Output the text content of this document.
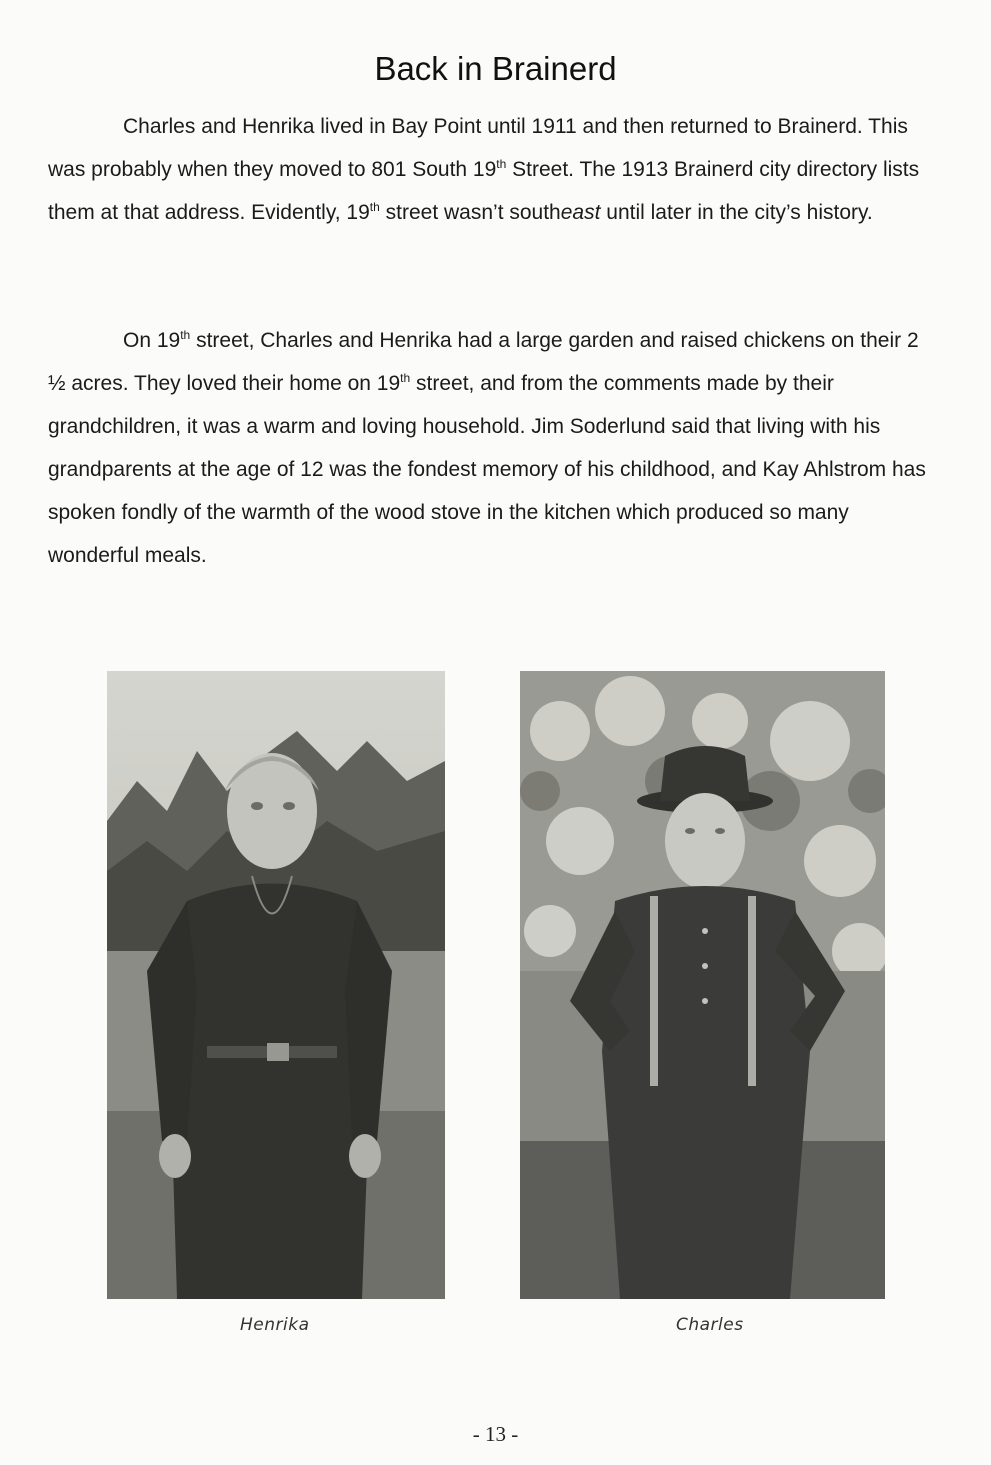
Back in Brainerd

Charles and Henrika lived in Bay Point until 1911 and then returned to Brainerd. This was probably when they moved to 801 South 19th Street. The 1913 Brainerd city directory lists them at that address. Evidently, 19th street wasn’t southeast until later in the city’s history.

On 19th street, Charles and Henrika had a large garden and raised chickens on their 2 ½ acres. They loved their home on 19th street, and from the comments made by their grandchildren, it was a warm and loving household. Jim Soderlund said that living with his grandparents at the age of 12 was the fondest memory of his childhood, and Kay Ahlstrom has spoken fondly of the warmth of the wood stove in the kitchen which produced so many wonderful meals.

Henrika	Charles
- 13 -
